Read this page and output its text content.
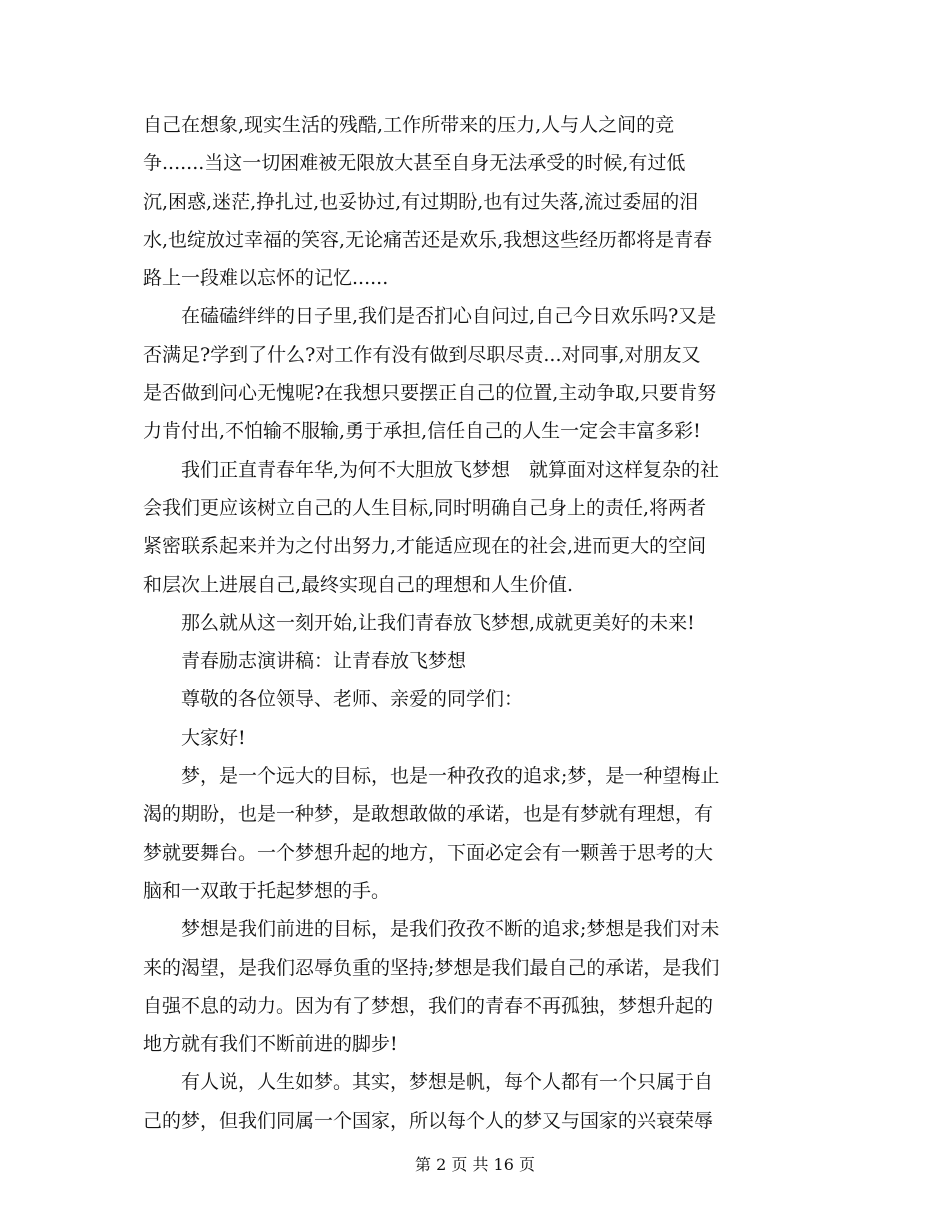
自己在想象,现实生活的残酷,工作所带来的压力,人与人之间的竞
争.......当这一切困难被无限放大甚至自身无法承受的时候,有过低
沉,困惑,迷茫,挣扎过,也妥协过,有过期盼,也有过失落,流过委屈的泪
水,也绽放过幸福的笑容,无论痛苦还是欢乐,我想这些经历都将是青春
路上一段难以忘怀的记忆......
　　在磕磕绊绊的日子里,我们是否扪心自问过,自己今日欢乐吗?又是
否满足?学到了什么?对工作有没有做到尽职尽责...对同事,对朋友又
是否做到问心无愧呢?在我想只要摆正自己的位置,主动争取,只要肯努
力肯付出,不怕输不服输,勇于承担,信任自己的人生一定会丰富多彩!
　　我们正直青春年华,为何不大胆放飞梦想　就算面对这样复杂的社
会我们更应该树立自己的人生目标,同时明确自己身上的责任,将两者
紧密联系起来并为之付出努力,才能适应现在的社会,进而更大的空间
和层次上进展自己,最终实现自己的理想和人生价值.
　　那么就从这一刻开始,让我们青春放飞梦想,成就更美好的未来!
　　青春励志演讲稿：让青春放飞梦想
　　尊敬的各位领导、老师、亲爱的同学们：
　　大家好!
　　梦，是一个远大的目标，也是一种孜孜的追求;梦，是一种望梅止
渴的期盼，也是一种梦，是敢想敢做的承诺，也是有梦就有理想，有
梦就要舞台。一个梦想升起的地方，下面必定会有一颗善于思考的大
脑和一双敢于托起梦想的手。
　　梦想是我们前进的目标，是我们孜孜不断的追求;梦想是我们对未
来的渴望，是我们忍辱负重的坚持;梦想是我们最自己的承诺，是我们
自强不息的动力。因为有了梦想，我们的青春不再孤独，梦想升起的
地方就有我们不断前进的脚步!
　　有人说，人生如梦。其实，梦想是帆，每个人都有一个只属于自
己的梦，但我们同属一个国家，所以每个人的梦又与国家的兴衰荣辱
第 2 页 共 16 页
